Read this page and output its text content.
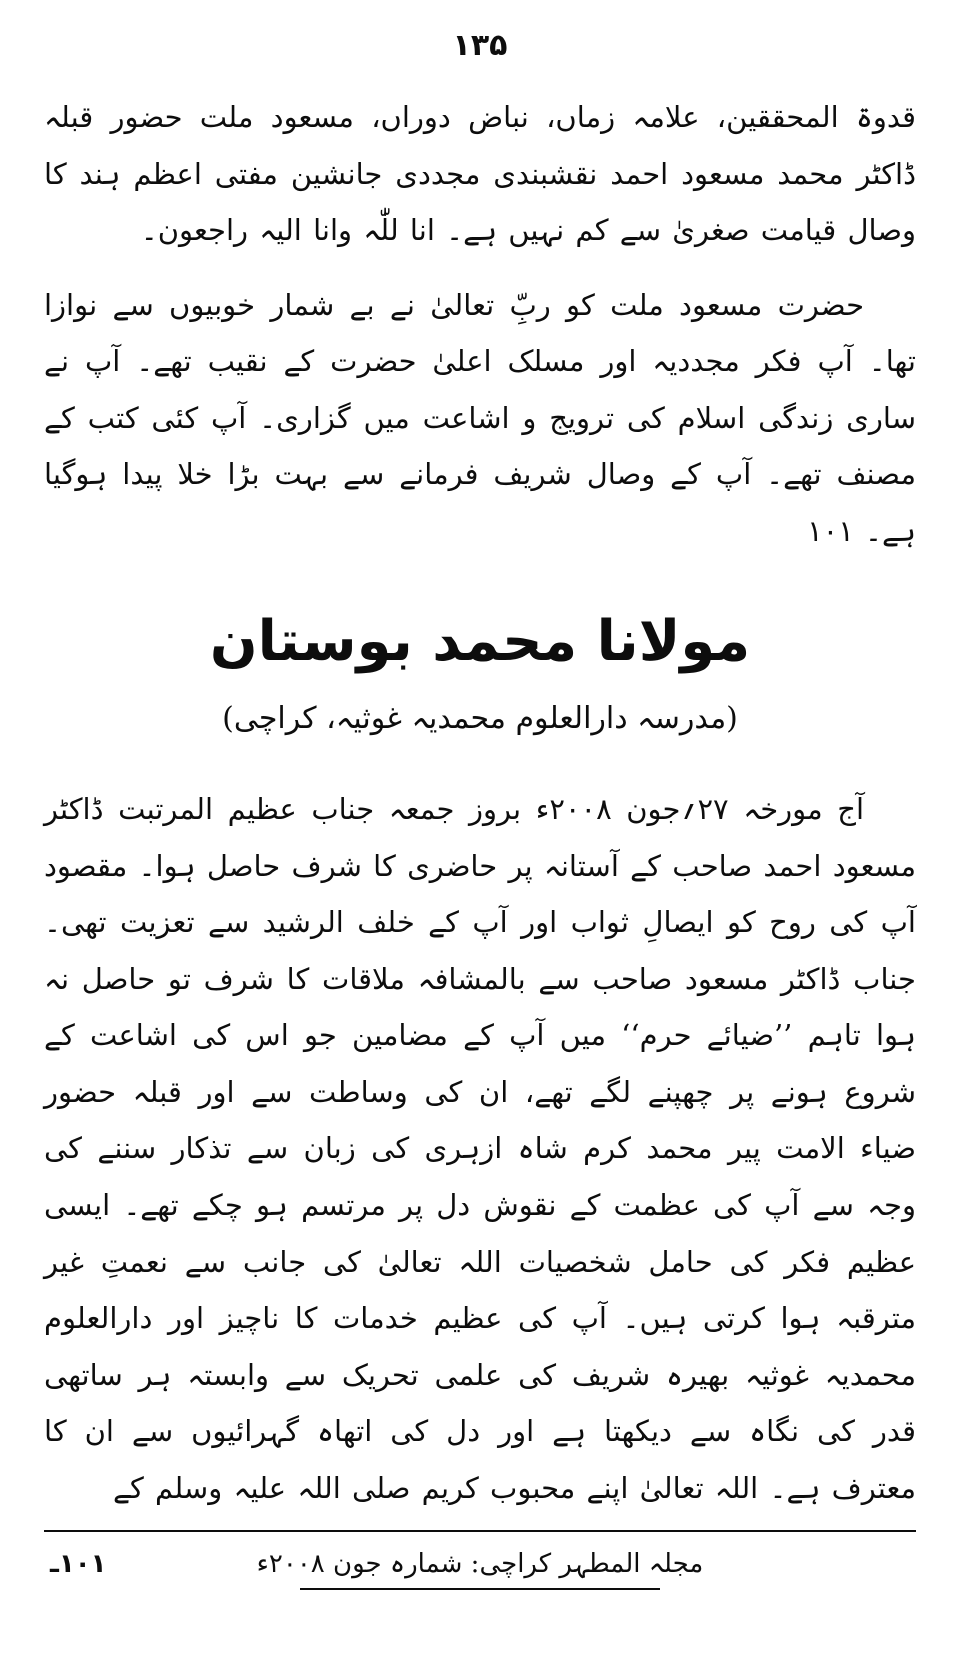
۱۳۵

قدوۃ المحققین، علامہ زماں، نباض دوراں، مسعود ملت حضور قبلہ ڈاکٹر محمد مسعود احمد نقشبندی مجددی جانشین مفتی اعظم ہند کا وصال قیامت صغریٰ سے کم نہیں ہے۔ انا للّٰہ وانا الیہ راجعون۔

حضرت مسعود ملت کو ربِّ تعالیٰ نے بے شمار خوبیوں سے نوازا تھا۔ آپ فکر مجددیہ اور مسلک اعلیٰ حضرت کے نقیب تھے۔ آپ نے ساری زندگی اسلام کی ترویج و اشاعت میں گزاری۔ آپ کئی کتب کے مصنف تھے۔ آپ کے وصال شریف فرمانے سے بہت بڑا خلا پیدا ہوگیا ہے۔ ۱۰۱

مولانا محمد بوستان
(مدرسہ دارالعلوم محمدیہ غوثیہ، کراچی)

آج مورخہ ۲۷؍جون ۲۰۰۸ء بروز جمعہ جناب عظیم المرتبت ڈاکٹر مسعود احمد صاحب کے آستانہ پر حاضری کا شرف حاصل ہوا۔ مقصود آپ کی روح کو ایصالِ ثواب اور آپ کے خلف الرشید سے تعزیت تھی۔ جناب ڈاکٹر مسعود صاحب سے بالمشافہ ملاقات کا شرف تو حاصل نہ ہوا تاہم ’’ضیائے حرم‘‘ میں آپ کے مضامین جو اس کی اشاعت کے شروع ہونے پر چھپنے لگے تھے، ان کی وساطت سے اور قبلہ حضور ضیاء الامت پیر محمد کرم شاہ ازہری کی زبان سے تذکار سننے کی وجہ سے آپ کی عظمت کے نقوش دل پر مرتسم ہو چکے تھے۔ ایسی عظیم فکر کی حامل شخصیات اللہ تعالیٰ کی جانب سے نعمتِ غیر مترقبہ ہوا کرتی ہیں۔ آپ کی عظیم خدمات کا ناچیز اور دارالعلوم محمدیہ غوثیہ بھیرہ شریف کی علمی تحریک سے وابستہ ہر ساتھی قدر کی نگاہ سے دیکھتا ہے اور دل کی اتھاہ گہرائیوں سے ان کا معترف ہے۔ اللہ تعالیٰ اپنے محبوب کریم صلی اللہ علیہ وسلم کے

۱۰۱ـ	مجلہ المطہر کراچی: شمارہ جون ۲۰۰۸ء
